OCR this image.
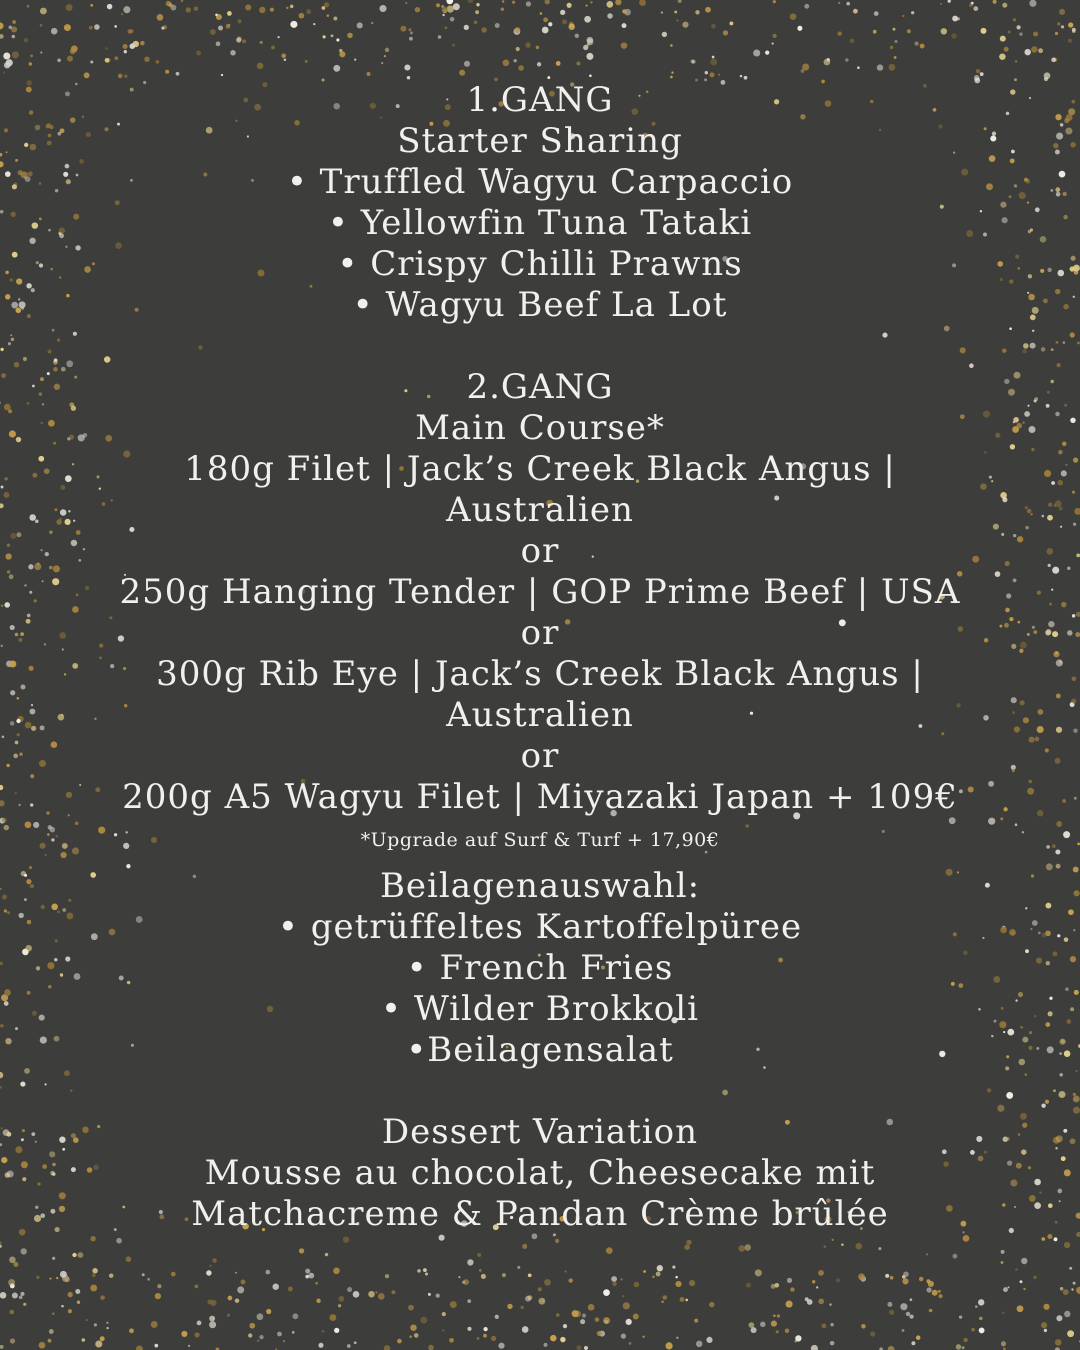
1.GANG
Starter Sharing
• Truffled Wagyu Carpaccio
• Yellowfin Tuna Tataki
• Crispy Chilli Prawns
• Wagyu Beef La Lot
2.GANG
Main Course*
180g Filet | Jack’s Creek Black Angus |
Australien
or
250g Hanging Tender | GOP Prime Beef | USA
or
300g Rib Eye | Jack’s Creek Black Angus |
Australien
or
200g A5 Wagyu Filet | Miyazaki Japan + 109€
*Upgrade auf Surf & Turf + 17,90€
Beilagenauswahl:
• getrüffeltes Kartoffelpüree
• French Fries
• Wilder Brokkoli
•Beilagensalat
Dessert Variation
Mousse au chocolat, Cheesecake mit
Matchacreme & Pandan Crème brûlée
